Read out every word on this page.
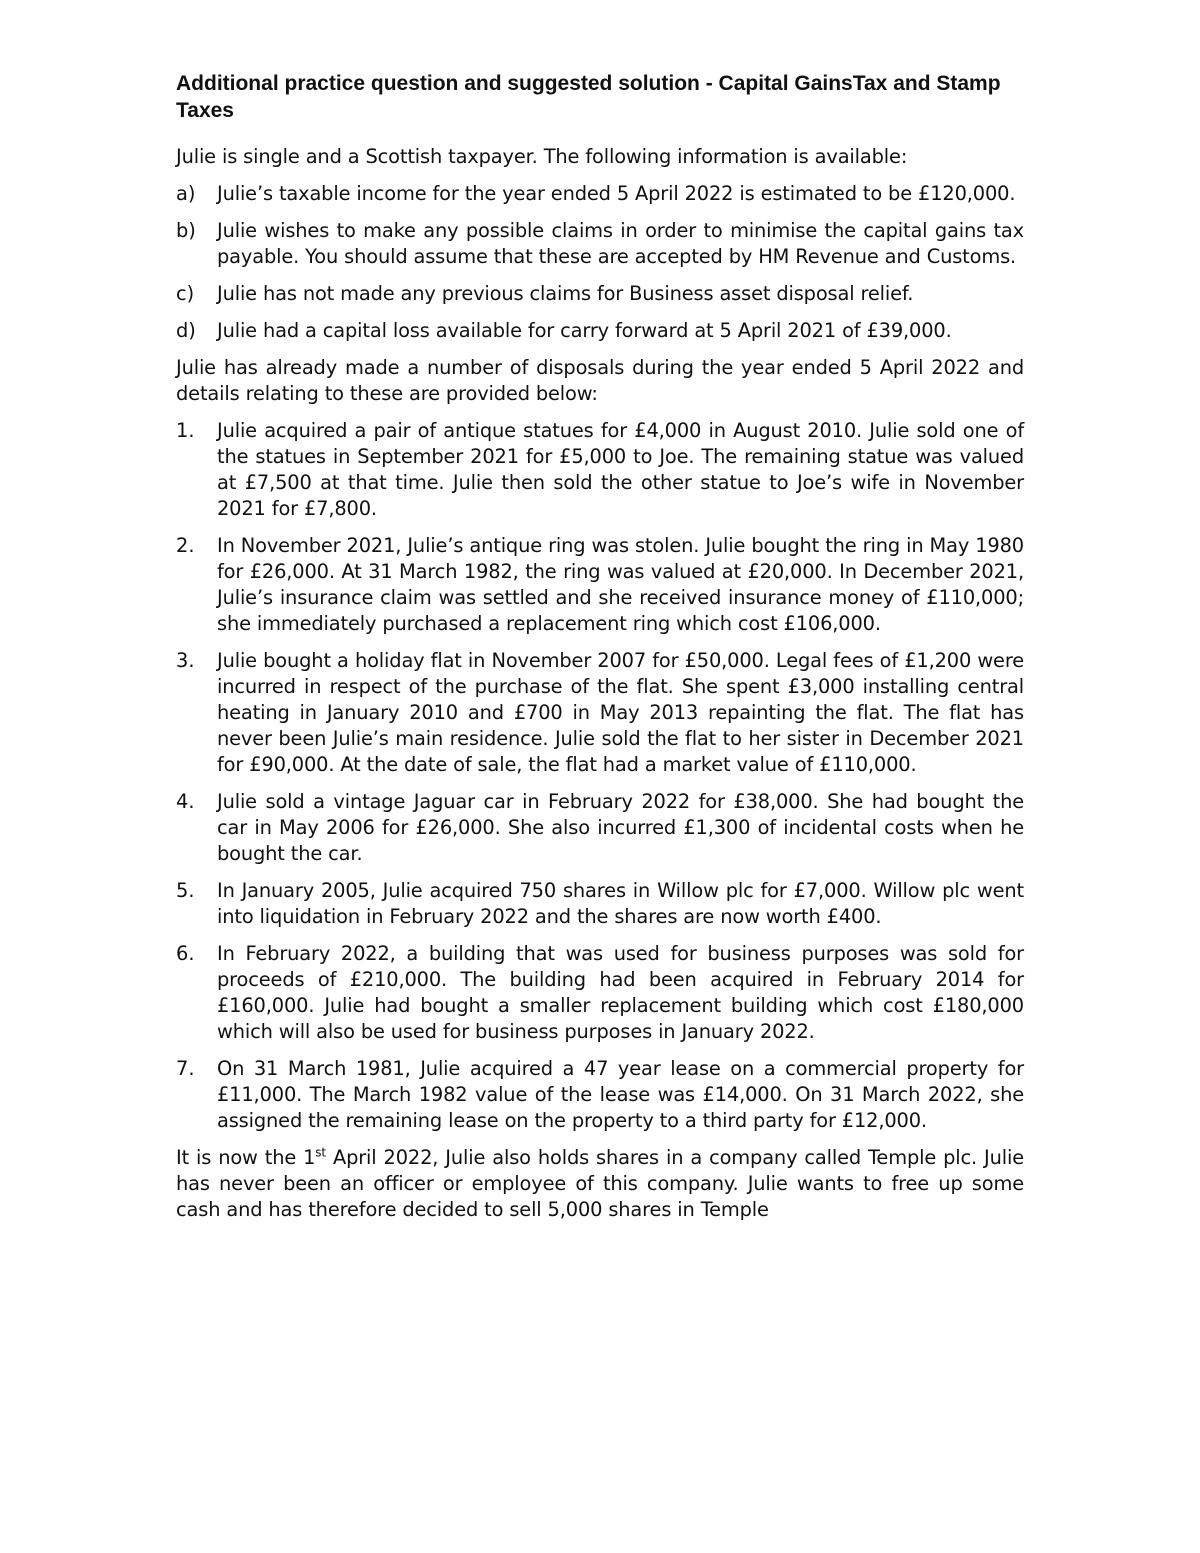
Additional practice question and suggested solution - Capital GainsTax and Stamp Taxes
Julie is single and a Scottish taxpayer. The following information is available:
a)	Julie’s taxable income for the year ended 5 April 2022 is estimated to be £120,000.
b)	Julie wishes to make any possible claims in order to minimise the capital gains tax payable. You should assume that these are accepted by HM Revenue and Customs.
c)	Julie has not made any previous claims for Business asset disposal relief.
d)	Julie had a capital loss available for carry forward at 5 April 2021 of £39,000.
Julie has already made a number of disposals during the year ended 5 April 2022 and details relating to these are provided below:
1.	Julie acquired a pair of antique statues for £4,000 in August 2010. Julie sold one of the statues in September 2021 for £5,000 to Joe. The remaining statue was valued at £7,500 at that time. Julie then sold the other statue to Joe’s wife in November 2021 for £7,800.
2.	In November 2021, Julie’s antique ring was stolen. Julie bought the ring in May 1980 for £26,000. At 31 March 1982, the ring was valued at £20,000. In December 2021, Julie’s insurance claim was settled and she received insurance money of £110,000; she immediately purchased a replacement ring which cost £106,000.
3.	Julie bought a holiday flat in November 2007 for £50,000. Legal fees of £1,200 were incurred in respect of the purchase of the flat. She spent £3,000 installing central heating in January 2010 and £700 in May 2013 repainting the flat. The flat has never been Julie’s main residence. Julie sold the flat to her sister in December 2021 for £90,000. At the date of sale, the flat had a market value of £110,000.
4.	Julie sold a vintage Jaguar car in February 2022 for £38,000. She had bought the car in May 2006 for £26,000. She also incurred £1,300 of incidental costs when he bought the car.
5.	In January 2005, Julie acquired 750 shares in Willow plc for £7,000. Willow plc went into liquidation in February 2022 and the shares are now worth £400.
6.	In February 2022, a building that was used for business purposes was sold for proceeds of £210,000. The building had been acquired in February 2014 for £160,000. Julie had bought a smaller replacement building which cost £180,000 which will also be used for business purposes in January 2022.
7.	On 31 March 1981, Julie acquired a 47 year lease on a commercial property for £11,000. The March 1982 value of the lease was £14,000. On 31 March 2022, she assigned the remaining lease on the property to a third party for £12,000.
It is now the 1st April 2022, Julie also holds shares in a company called Temple plc. Julie has never been an officer or employee of this company. Julie wants to free up some cash and has therefore decided to sell 5,000 shares in Temple
